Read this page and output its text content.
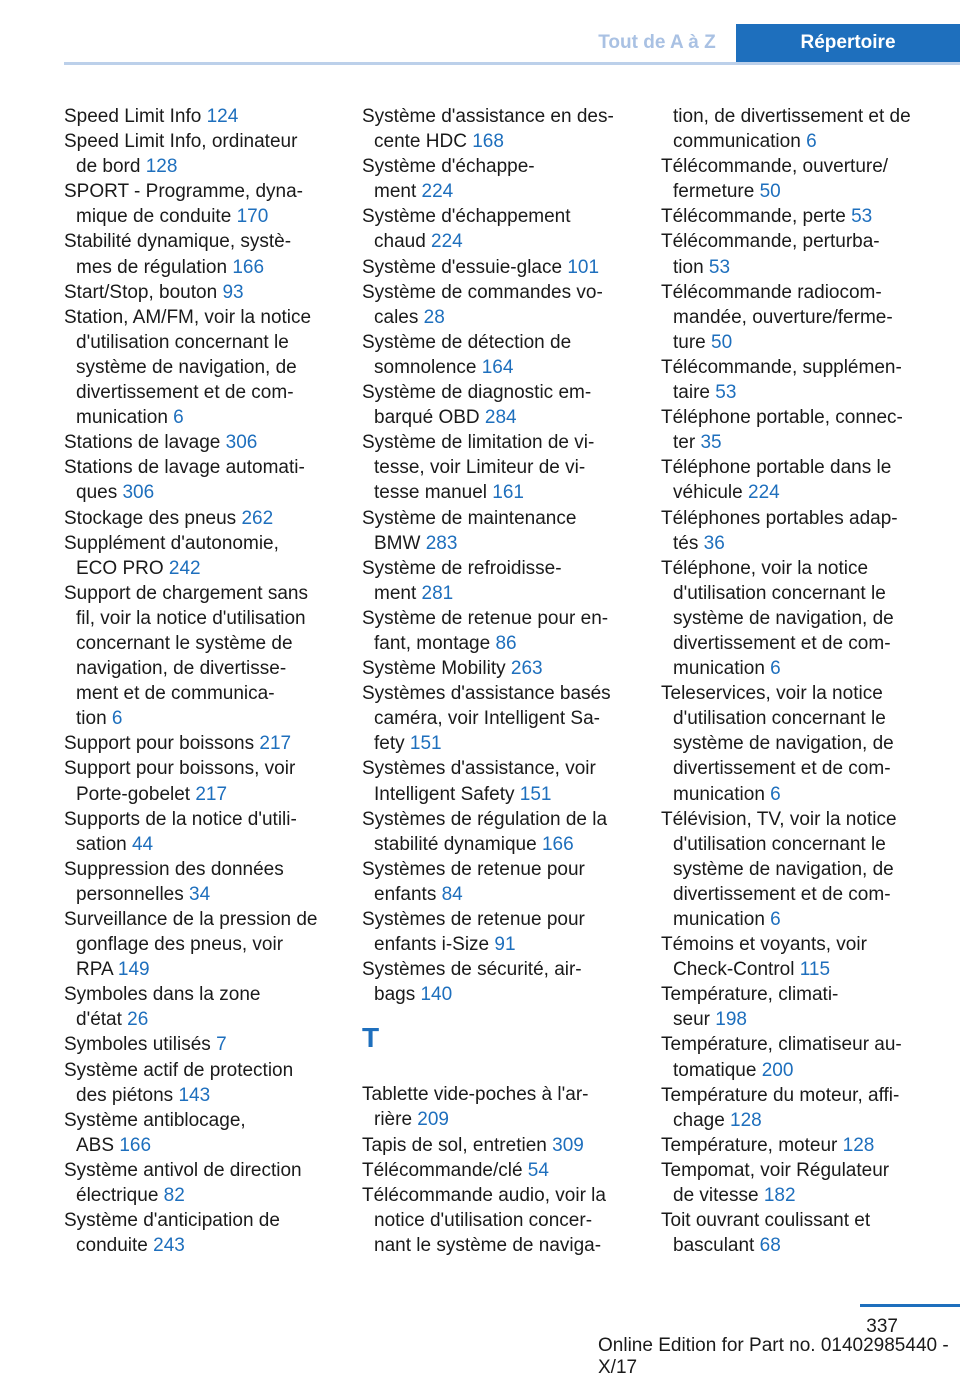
Tout de A à Z	Répertoire
Speed Limit Info 124
Speed Limit Info, ordinateur
de bord 128
SPORT - Programme, dyna-
mique de conduite 170
Stabilité dynamique, systè-
mes de régulation 166
Start/Stop, bouton 93
Station, AM/FM, voir la notice
d'utilisation concernant le
système de navigation, de
divertissement et de com-
munication 6
Stations de lavage 306
Stations de lavage automati-
ques 306
Stockage des pneus 262
Supplément d'autonomie,
ECO PRO 242
Support de chargement sans
fil, voir la notice d'utilisation
concernant le système de
navigation, de divertisse-
ment et de communica-
tion 6
Support pour boissons 217
Support pour boissons, voir
Porte-gobelet 217
Supports de la notice d'utili-
sation 44
Suppression des données
personnelles 34
Surveillance de la pression de
gonflage des pneus, voir
RPA 149
Symboles dans la zone
d'état 26
Symboles utilisés 7
Système actif de protection
des piétons 143
Système antiblocage,
ABS 166
Système antivol de direction
électrique 82
Système d'anticipation de
conduite 243
Système d'assistance en des-
cente HDC 168
Système d'échappe-
ment 224
Système d'échappement
chaud 224
Système d'essuie-glace 101
Système de commandes vo-
cales 28
Système de détection de
somnolence 164
Système de diagnostic em-
barqué OBD 284
Système de limitation de vi-
tesse, voir Limiteur de vi-
tesse manuel 161
Système de maintenance
BMW 283
Système de refroidisse-
ment 281
Système de retenue pour en-
fant, montage 86
Système Mobility 263
Systèmes d'assistance basés
caméra, voir Intelligent Sa-
fety 151
Systèmes d'assistance, voir
Intelligent Safety 151
Systèmes de régulation de la
stabilité dynamique 166
Systèmes de retenue pour
enfants 84
Systèmes de retenue pour
enfants i-Size 91
Systèmes de sécurité, air-
bags 140
T
Tablette vide-poches à l'ar-
rière 209
Tapis de sol, entretien 309
Télécommande/clé 54
Télécommande audio, voir la
notice d'utilisation concer-
nant le système de naviga-
tion, de divertissement et de
communication 6
Télécommande, ouverture/
fermeture 50
Télécommande, perte 53
Télécommande, perturba-
tion 53
Télécommande radiocom-
mandée, ouverture/ferme-
ture 50
Télécommande, supplémen-
taire 53
Téléphone portable, connec-
ter 35
Téléphone portable dans le
véhicule 224
Téléphones portables adap-
tés 36
Téléphone, voir la notice
d'utilisation concernant le
système de navigation, de
divertissement et de com-
munication 6
Teleservices, voir la notice
d'utilisation concernant le
système de navigation, de
divertissement et de com-
munication 6
Télévision, TV, voir la notice
d'utilisation concernant le
système de navigation, de
divertissement et de com-
munication 6
Témoins et voyants, voir
Check-Control 115
Température, climati-
seur 198
Température, climatiseur au-
tomatique 200
Température du moteur, affi-
chage 128
Température, moteur 128
Tempomat, voir Régulateur
de vitesse 182
Toit ouvrant coulissant et
basculant 68
337
Online Edition for Part no. 01402985440 - X/17
